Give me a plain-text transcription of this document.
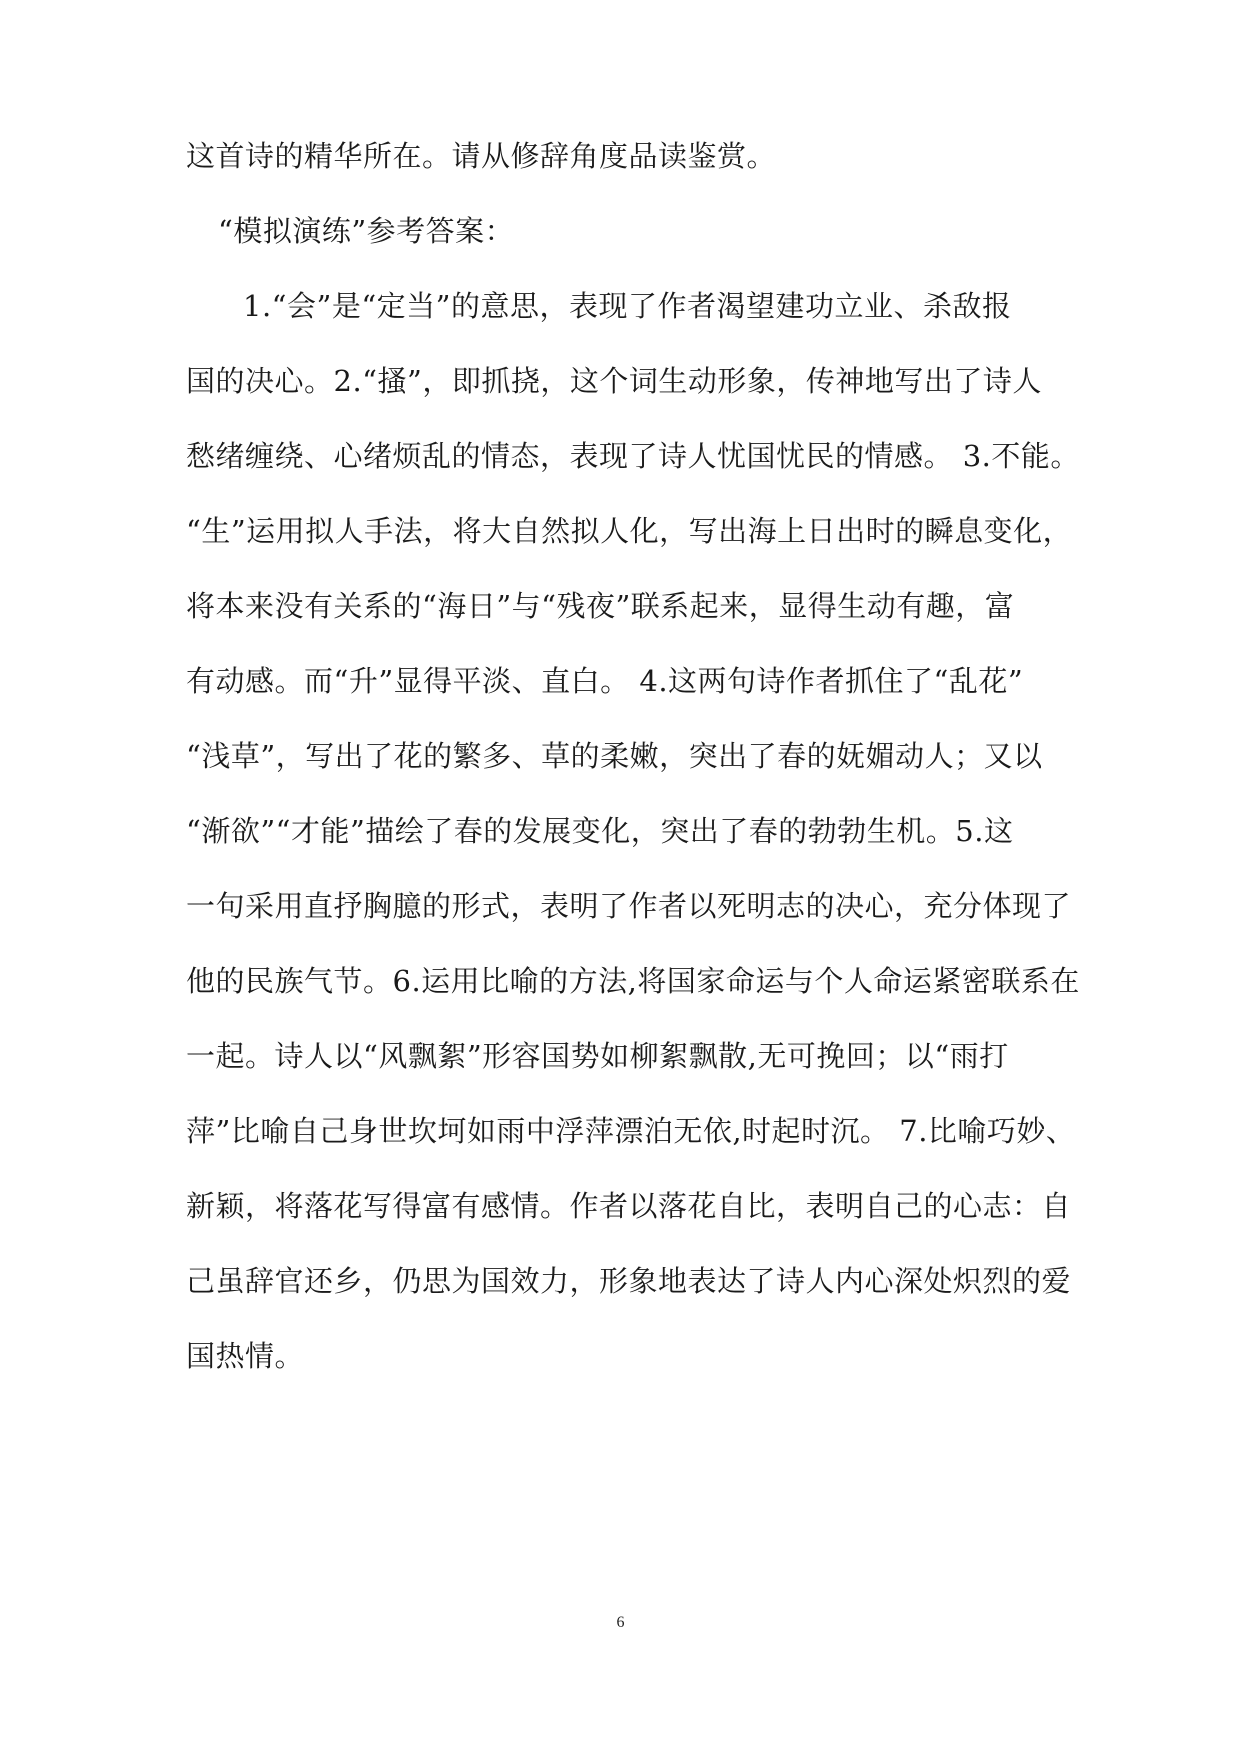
这首诗的精华所在。请从修辞角度品读鉴赏。
“模拟演练”参考答案：
1.“会”是“定当”的意思，表现了作者渴望建功立业、杀敌报
国的决心。2.“搔”，即抓挠，这个词生动形象，传神地写出了诗人
愁绪缠绕、心绪烦乱的情态，表现了诗人忧国忧民的情感。 3.不能。
“生”运用拟人手法，将大自然拟人化，写出海上日出时的瞬息变化，
将本来没有关系的“海日”与“残夜”联系起来，显得生动有趣，富
有动感。而“升”显得平淡、直白。 4.这两句诗作者抓住了“乱花”
“浅草”，写出了花的繁多、草的柔嫩，突出了春的妩媚动人；又以
“渐欲”“才能”描绘了春的发展变化，突出了春的勃勃生机。5.这
一句采用直抒胸臆的形式，表明了作者以死明志的决心，充分体现了
他的民族气节。6.运用比喻的方法,将国家命运与个人命运紧密联系在
一起。诗人以“风飘絮”形容国势如柳絮飘散,无可挽回；以“雨打
萍”比喻自己身世坎坷如雨中浮萍漂泊无依,时起时沉。 7.比喻巧妙、
新颖，将落花写得富有感情。作者以落花自比，表明自己的心志：自
己虽辞官还乡，仍思为国效力，形象地表达了诗人内心深处炽烈的爱
国热情。
6
